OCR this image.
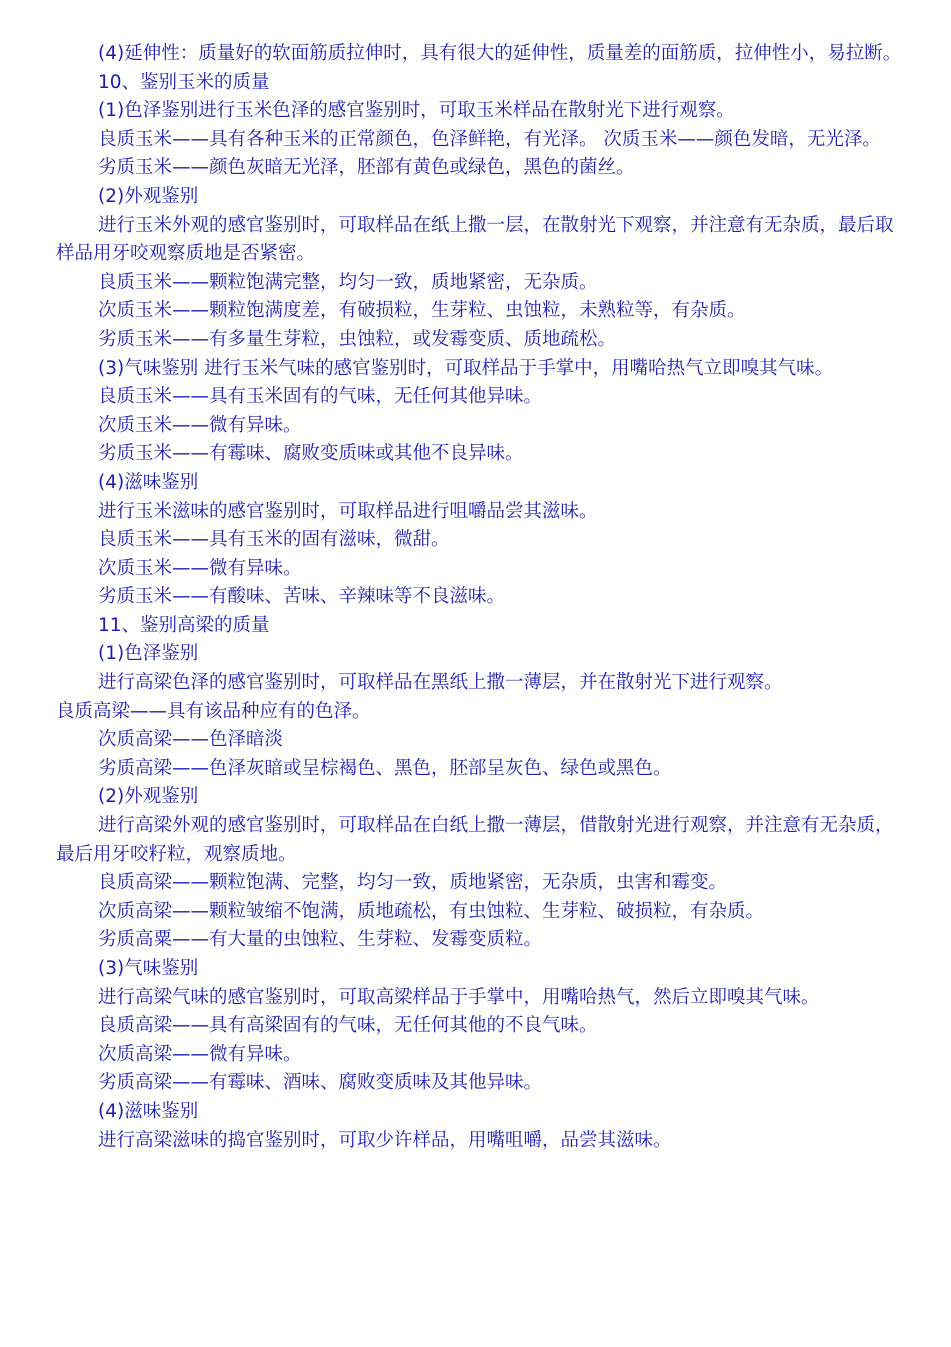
(4)延伸性：质量好的软面筋质拉伸时，具有很大的延伸性，质量差的面筋质，拉伸性小，易拉断。

10、鉴别玉米的质量

(1)色泽鉴别进行玉米色泽的感官鉴别时，可取玉米样品在散射光下进行观察。

良质玉米——具有各种玉米的正常颜色，色泽鲜艳，有光泽。 次质玉米——颜色发暗，无光泽。

劣质玉米——颜色灰暗无光泽，胚部有黄色或绿色，黑色的菌丝。

(2)外观鉴别

进行玉米外观的感官鉴别时，可取样品在纸上撒一层，在散射光下观察，并注意有无杂质，最后取样品用牙咬观察质地是否紧密。

良质玉米——颗粒饱满完整，均匀一致，质地紧密，无杂质。

次质玉米——颗粒饱满度差，有破损粒，生芽粒、虫蚀粒，未熟粒等，有杂质。

劣质玉米——有多量生芽粒，虫蚀粒，或发霉变质、质地疏松。

(3)气味鉴别 进行玉米气味的感官鉴别时，可取样品于手掌中，用嘴哈热气立即嗅其气味。

良质玉米——具有玉米固有的气味，无任何其他异味。

次质玉米——微有异味。

劣质玉米——有霉味、腐败变质味或其他不良异味。

(4)滋味鉴别

进行玉米滋味的感官鉴别时，可取样品进行咀嚼品尝其滋味。

良质玉米——具有玉米的固有滋味，微甜。

次质玉米——微有异味。

劣质玉米——有酸味、苦味、辛辣味等不良滋味。

11、鉴别高梁的质量

(1)色泽鉴别

进行高梁色泽的感官鉴别时，可取样品在黑纸上撒一薄层，并在散射光下进行观察。

良质高梁——具有该品种应有的色泽。

次质高梁——色泽暗淡

劣质高梁——色泽灰暗或呈棕褐色、黑色，胚部呈灰色、绿色或黑色。

(2)外观鉴别

进行高梁外观的感官鉴别时，可取样品在白纸上撒一薄层，借散射光进行观察，并注意有无杂质，最后用牙咬籽粒，观察质地。

良质高梁——颗粒饱满、完整，均匀一致，质地紧密，无杂质，虫害和霉变。

次质高梁——颗粒皱缩不饱满，质地疏松，有虫蚀粒、生芽粒、破损粒，有杂质。

劣质高粟——有大量的虫蚀粒、生芽粒、发霉变质粒。

(3)气味鉴别

进行高梁气味的感官鉴别时，可取高梁样品于手掌中，用嘴哈热气，然后立即嗅其气味。

良质高梁——具有高梁固有的气味，无任何其他的不良气味。

次质高梁——微有异味。

劣质高梁——有霉味、酒味、腐败变质味及其他异味。

(4)滋味鉴别

进行高梁滋味的捣官鉴别时，可取少许样品，用嘴咀嚼，品尝其滋味。
